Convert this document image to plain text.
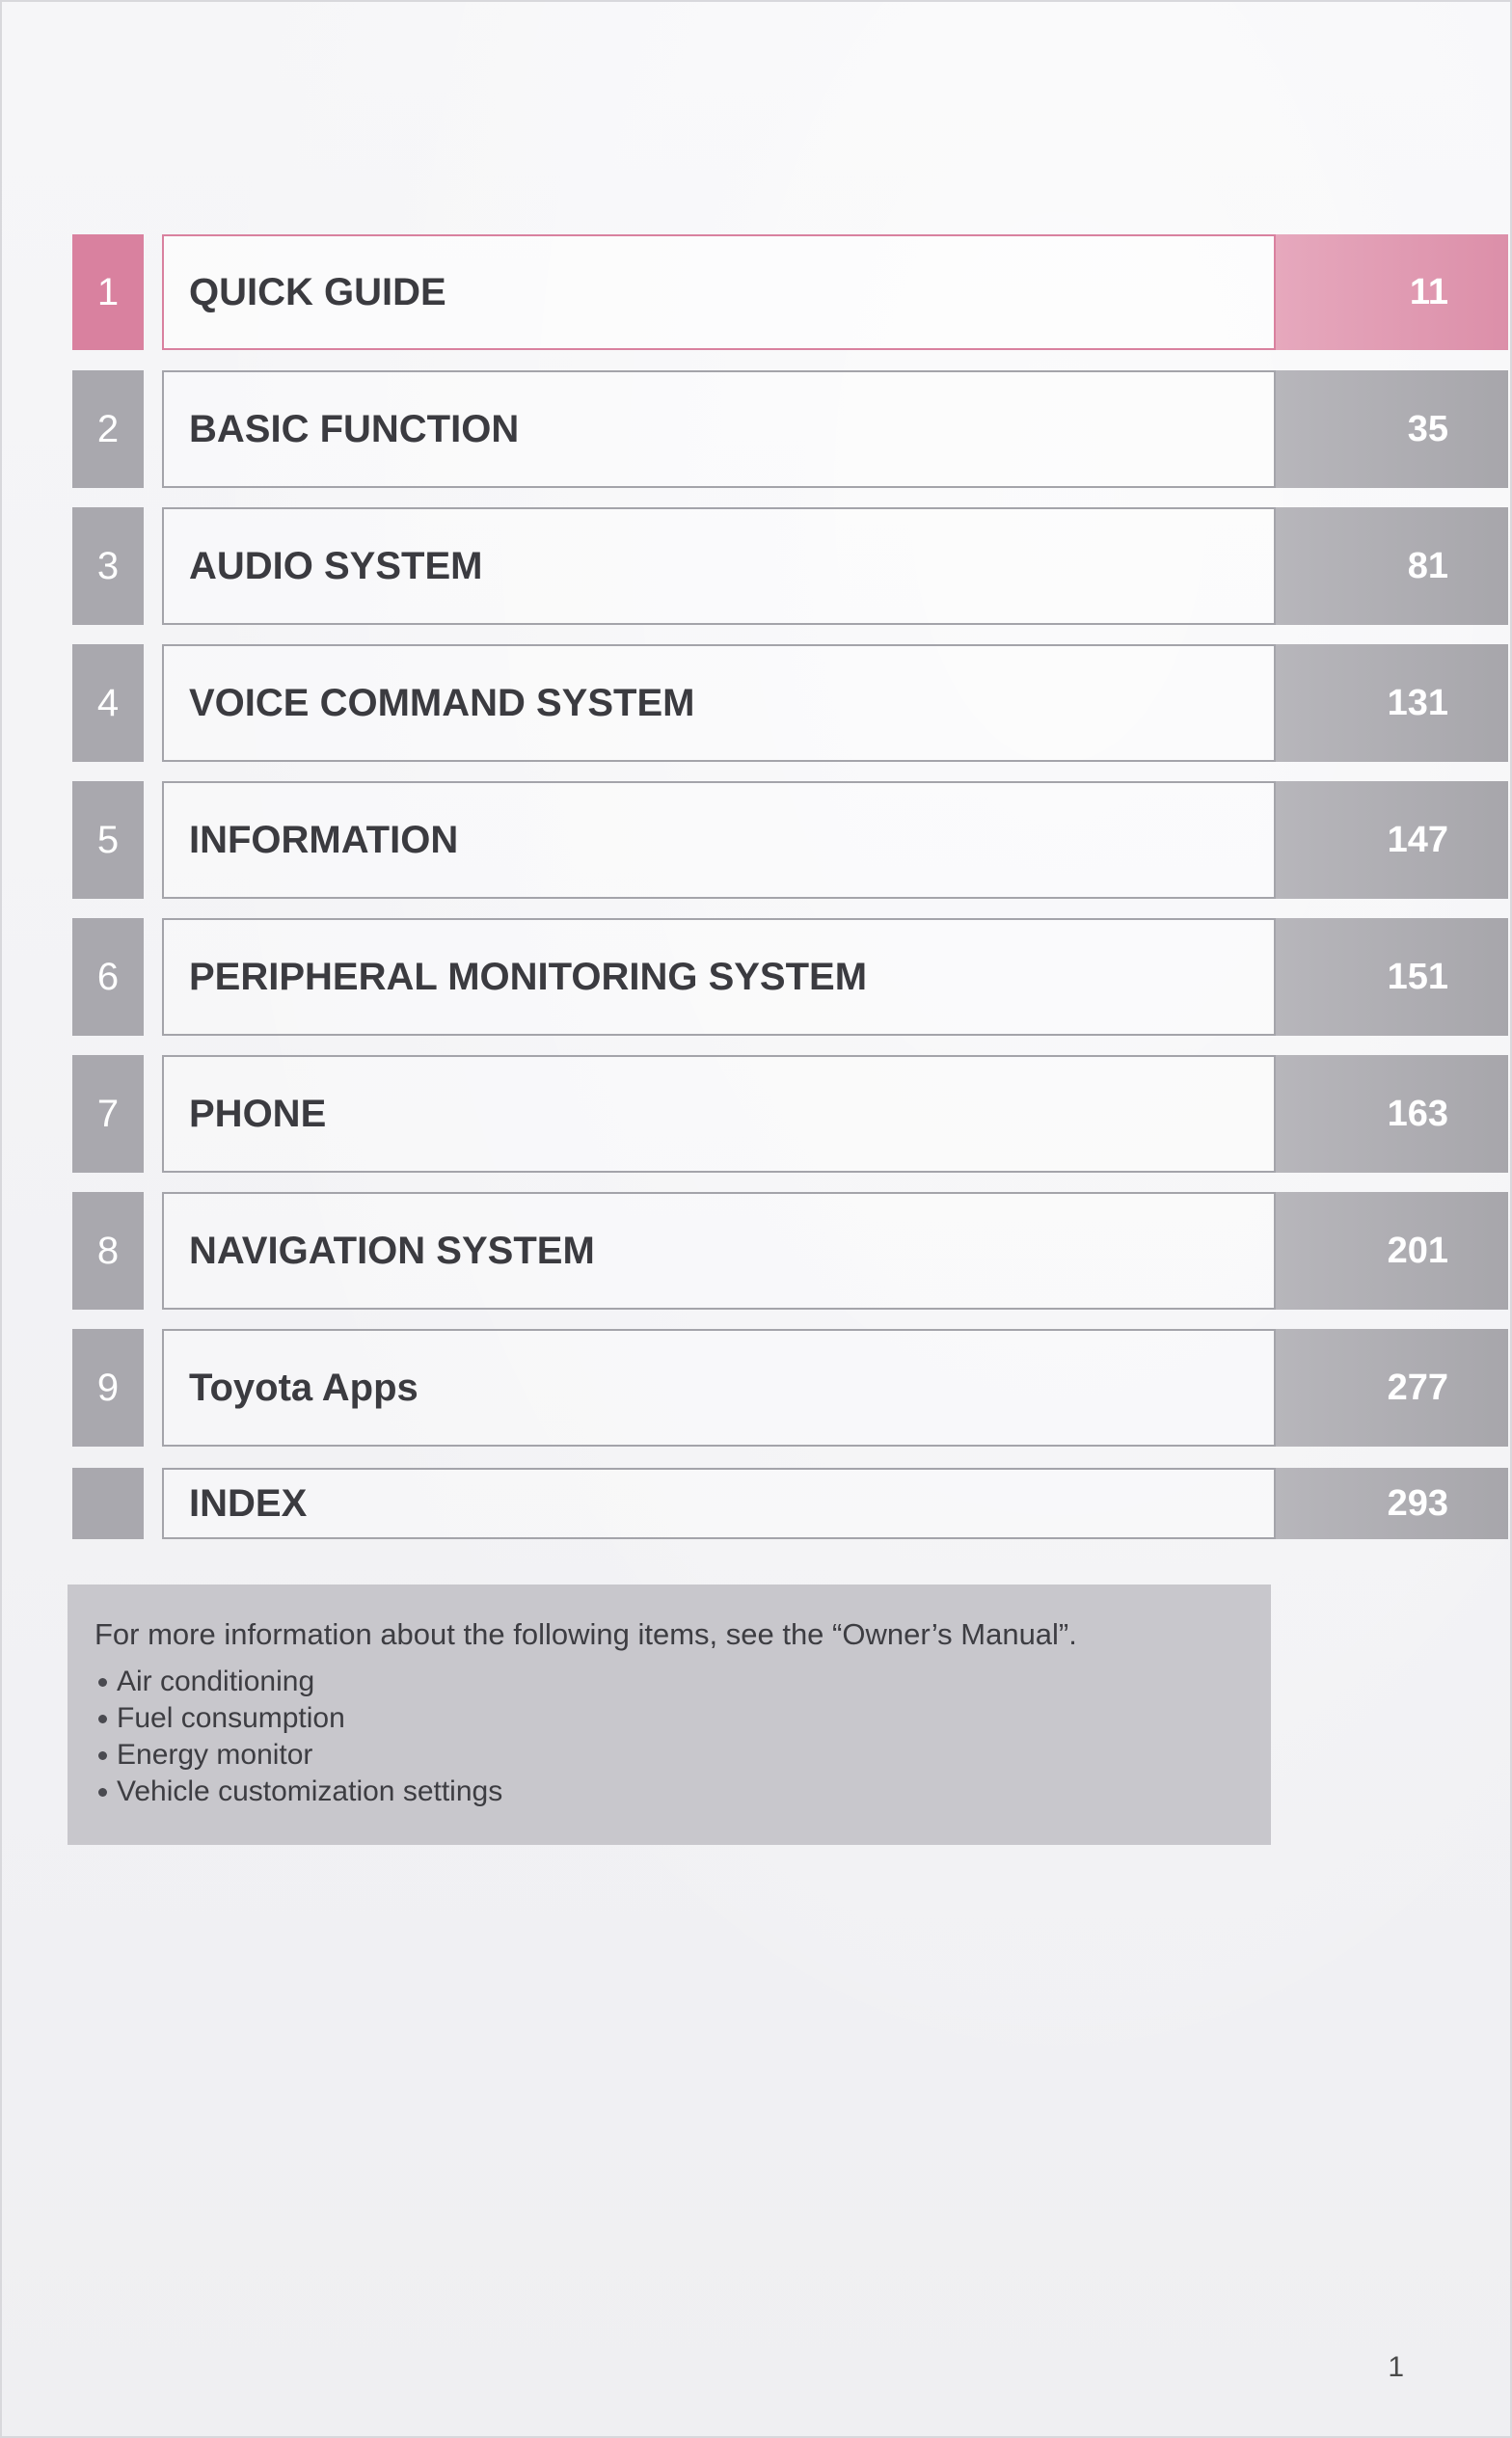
1	QUICK GUIDE	11
2	BASIC FUNCTION	35
3	AUDIO SYSTEM	81
4	VOICE COMMAND SYSTEM	131
5	INFORMATION	147
6	PERIPHERAL MONITORING SYSTEM	151
7	PHONE	163
8	NAVIGATION SYSTEM	201
9	Toyota Apps	277
INDEX	293
For more information about the following items, see the “Owner’s Manual”.
Air conditioning
Fuel consumption
Energy monitor
Vehicle customization settings
1
